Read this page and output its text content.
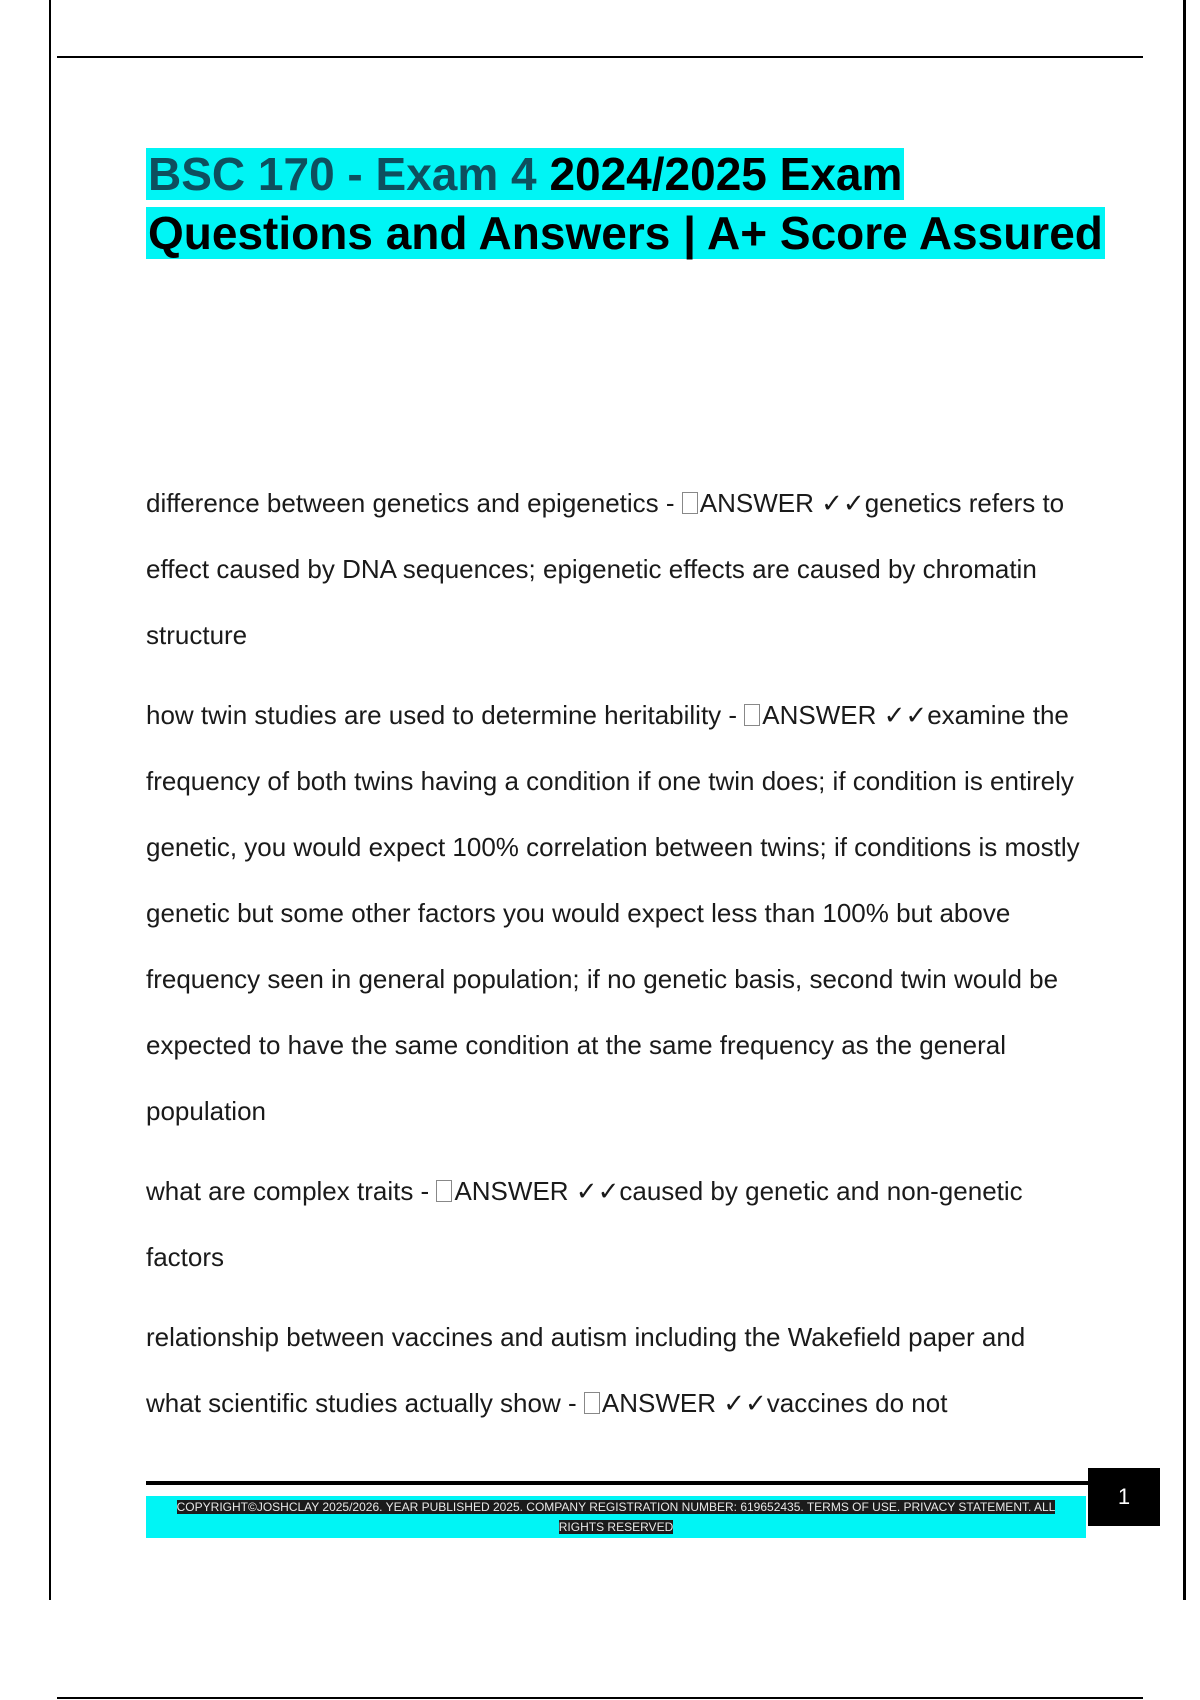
BSC 170 - Exam 4 2024/2025 Exam Questions and Answers | A+ Score Assured

difference between genetics and epigenetics - ANSWER ✓✓genetics refers to effect caused by DNA sequences; epigenetic effects are caused by chromatin structure

how twin studies are used to determine heritability - ANSWER ✓✓examine the frequency of both twins having a condition if one twin does; if condition is entirely genetic, you would expect 100% correlation between twins; if conditions is mostly genetic but some other factors you would expect less than 100% but above frequency seen in general population; if no genetic basis, second twin would be expected to have the same condition at the same frequency as the general population

what are complex traits - ANSWER ✓✓caused by genetic and non-genetic factors

relationship between vaccines and autism including the Wakefield paper and what scientific studies actually show - ANSWER ✓✓vaccines do not

COPYRIGHT©JOSHCLAY 2025/2026. YEAR PUBLISHED 2025. COMPANY REGISTRATION NUMBER: 619652435. TERMS OF USE. PRIVACY STATEMENT. ALL RIGHTS RESERVED
1
